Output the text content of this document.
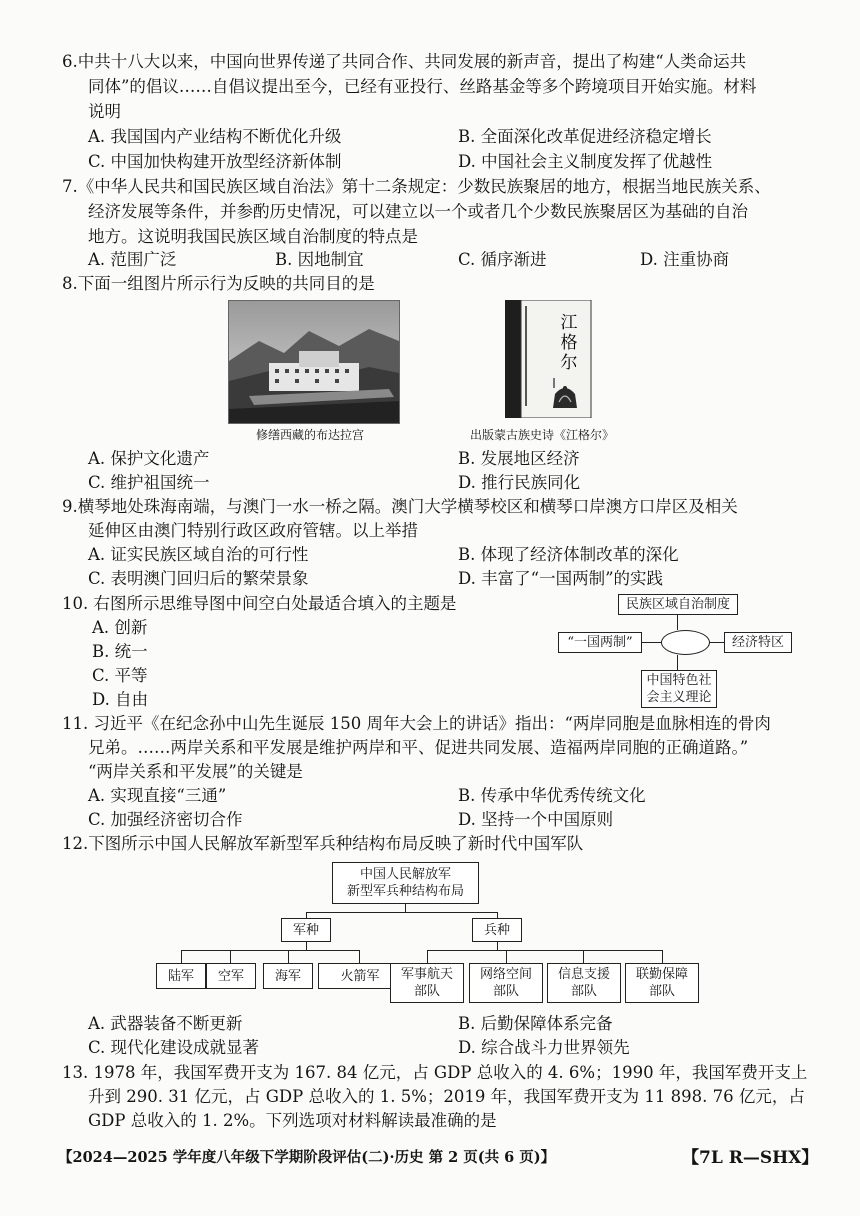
6.中共十八大以来，中国向世界传递了共同合作、共同发展的新声音，提出了构建“人类命运共
同体”的倡议……自倡议提出至今，已经有亚投行、丝路基金等多个跨境项目开始实施。材料
说明
A. 我国国内产业结构不断优化升级	B. 全面深化改革促进经济稳定增长
C. 中国加快构建开放型经济新体制	D. 中国社会主义制度发挥了优越性
7.《中华人民共和国民族区域自治法》第十二条规定：少数民族聚居的地方，根据当地民族关系、
经济发展等条件，并参酌历史情况，可以建立以一个或者几个少数民族聚居区为基础的自治
地方。这说明我国民族区域自治制度的特点是
A. 范围广泛	B. 因地制宜	C. 循序渐进	D. 注重协商
8.下面一组图片所示行为反映的共同目的是
修缮西藏的布达拉宫
江
格
尔
出版蒙古族史诗《江格尔》
A. 保护文化遗产	B. 发展地区经济
C. 维护祖国统一	D. 推行民族同化
9.横琴地处珠海南端，与澳门一水一桥之隔。澳门大学横琴校区和横琴口岸澳方口岸区及相关
延伸区由澳门特别行政区政府管辖。以上举措
A. 证实民族区域自治的可行性	B. 体现了经济体制改革的深化
C. 表明澳门回归后的繁荣景象	D. 丰富了“一国两制”的实践
10. 右图所示思维导图中间空白处最适合填入的主题是
A. 创新
B. 统一
C. 平等
D. 自由
民族区域自治制度
“一国两制”	经济特区
中国特色社
会主义理论
11. 习近平《在纪念孙中山先生诞辰 150 周年大会上的讲话》指出：“两岸同胞是血脉相连的骨肉
兄弟。……两岸关系和平发展是维护两岸和平、促进共同发展、造福两岸同胞的正确道路。”
“两岸关系和平发展”的关键是
A. 实现直接“三通”	B. 传承中华优秀传统文化
C. 加强经济密切合作	D. 坚持一个中国原则
12.下图所示中国人民解放军新型军兵种结构布局反映了新时代中国军队
中国人民解放军
新型军兵种结构布局
军种	兵种
陆军	空军	海军	火箭军	军事航天
部队
网络空间
部队
信息支援
部队
联勤保障
部队
A. 武器装备不断更新	B. 后勤保障体系完备
C. 现代化建设成就显著	D. 综合战斗力世界领先
13. 1978 年，我国军费开支为 167. 84 亿元，占 GDP 总收入的 4. 6%；1990 年，我国军费开支上
升到 290. 31 亿元，占 GDP 总收入的 1. 5%；2019 年，我国军费开支为 11 898. 76 亿元，占
GDP 总收入的 1. 2%。下列选项对材料解读最准确的是
【2024—2025 学年度八年级下学期阶段评估(二)·历史 第 2 页(共 6 页)】	【7L R—SHX】
